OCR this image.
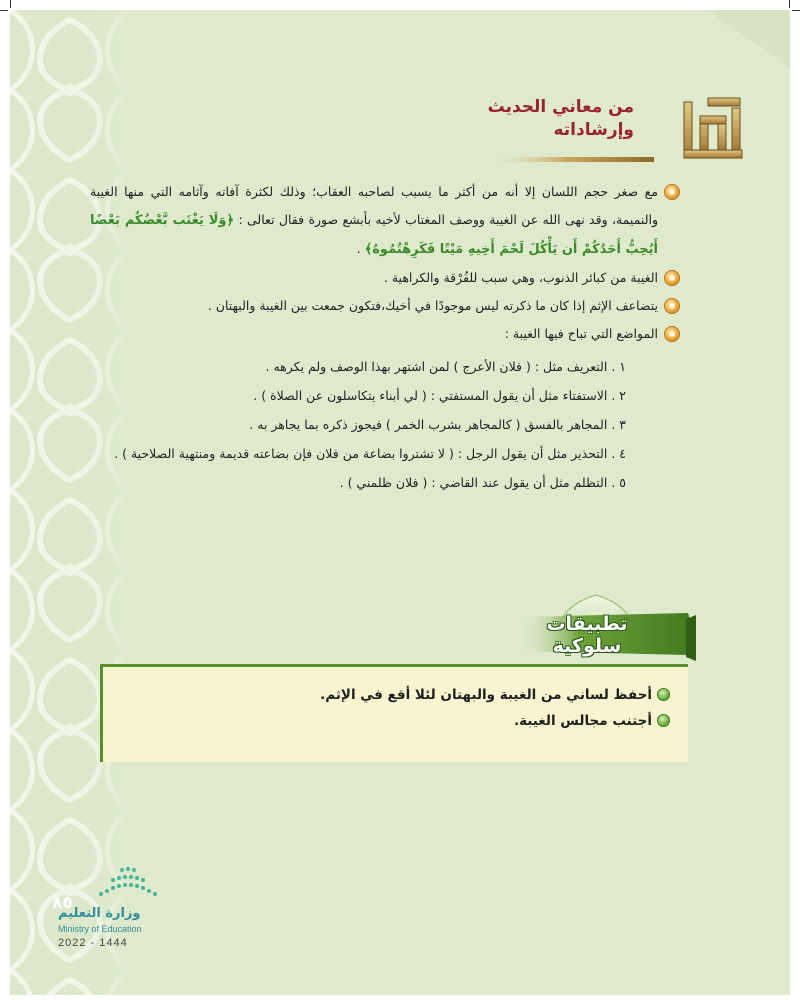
من معاني الحديث
وإرشاداته
مع صغر حجم اللسان إلا أنه من أكثر ما يسبب لصاحبه العقاب؛ وذلك لكثرة آفاته وآثامه التي منها الغيبة والنميمة، وقد نهى الله عن الغيبة ووصف المغتاب لأخيه بأبشع صورة فقال تعالى : ﴿وَلَا يَغْتَب بَّعْضُكُم بَعْضًا أَيُحِبُّ أَحَدُكُمْ أَن يَأْكُلَ لَحْمَ أَخِيهِ مَيْتًا فَكَرِهْتُمُوهُ﴾ .
الغيبة من كبائر الذنوب، وهي سبب للفُرْقة والكراهية .
يتضاعف الإثم إذا كان ما ذكرته ليس موجودًا في أخيك،فتكون جمعت بين الغيبة والبهتان .
المواضع التي تباح فيها الغيبة :
١ .التعريف مثل : ( فلان الأعرج ) لمن اشتهر بهذا الوصف ولم يكرهه .
٢ .الاستفتاء مثل أن يقول المستفتي : ( لي أبناء يتكاسلون عن الصلاة ) .
٣ .المجاهر بالفسق ( كالمجاهر بشرب الخمر ) فيجوز ذكره بما يجاهر به .
٤ .التحذير مثل أن يقول الرجل : ( لا تشتروا بضاعة من فلان فإن بضاعته قديمة ومنتهية الصلاحية ) .
٥ .التظلم مثل أن يقول عند القاضي : ( فلان ظلمني ) .
تطبيقات سلوكية
أحفظ لساني من الغيبة والبهتان لئلا أقع في الإثم.
أجتنب مجالس الغيبة.
٨٥
وزارة التعليم
Ministry of Education
2022 - 1444
